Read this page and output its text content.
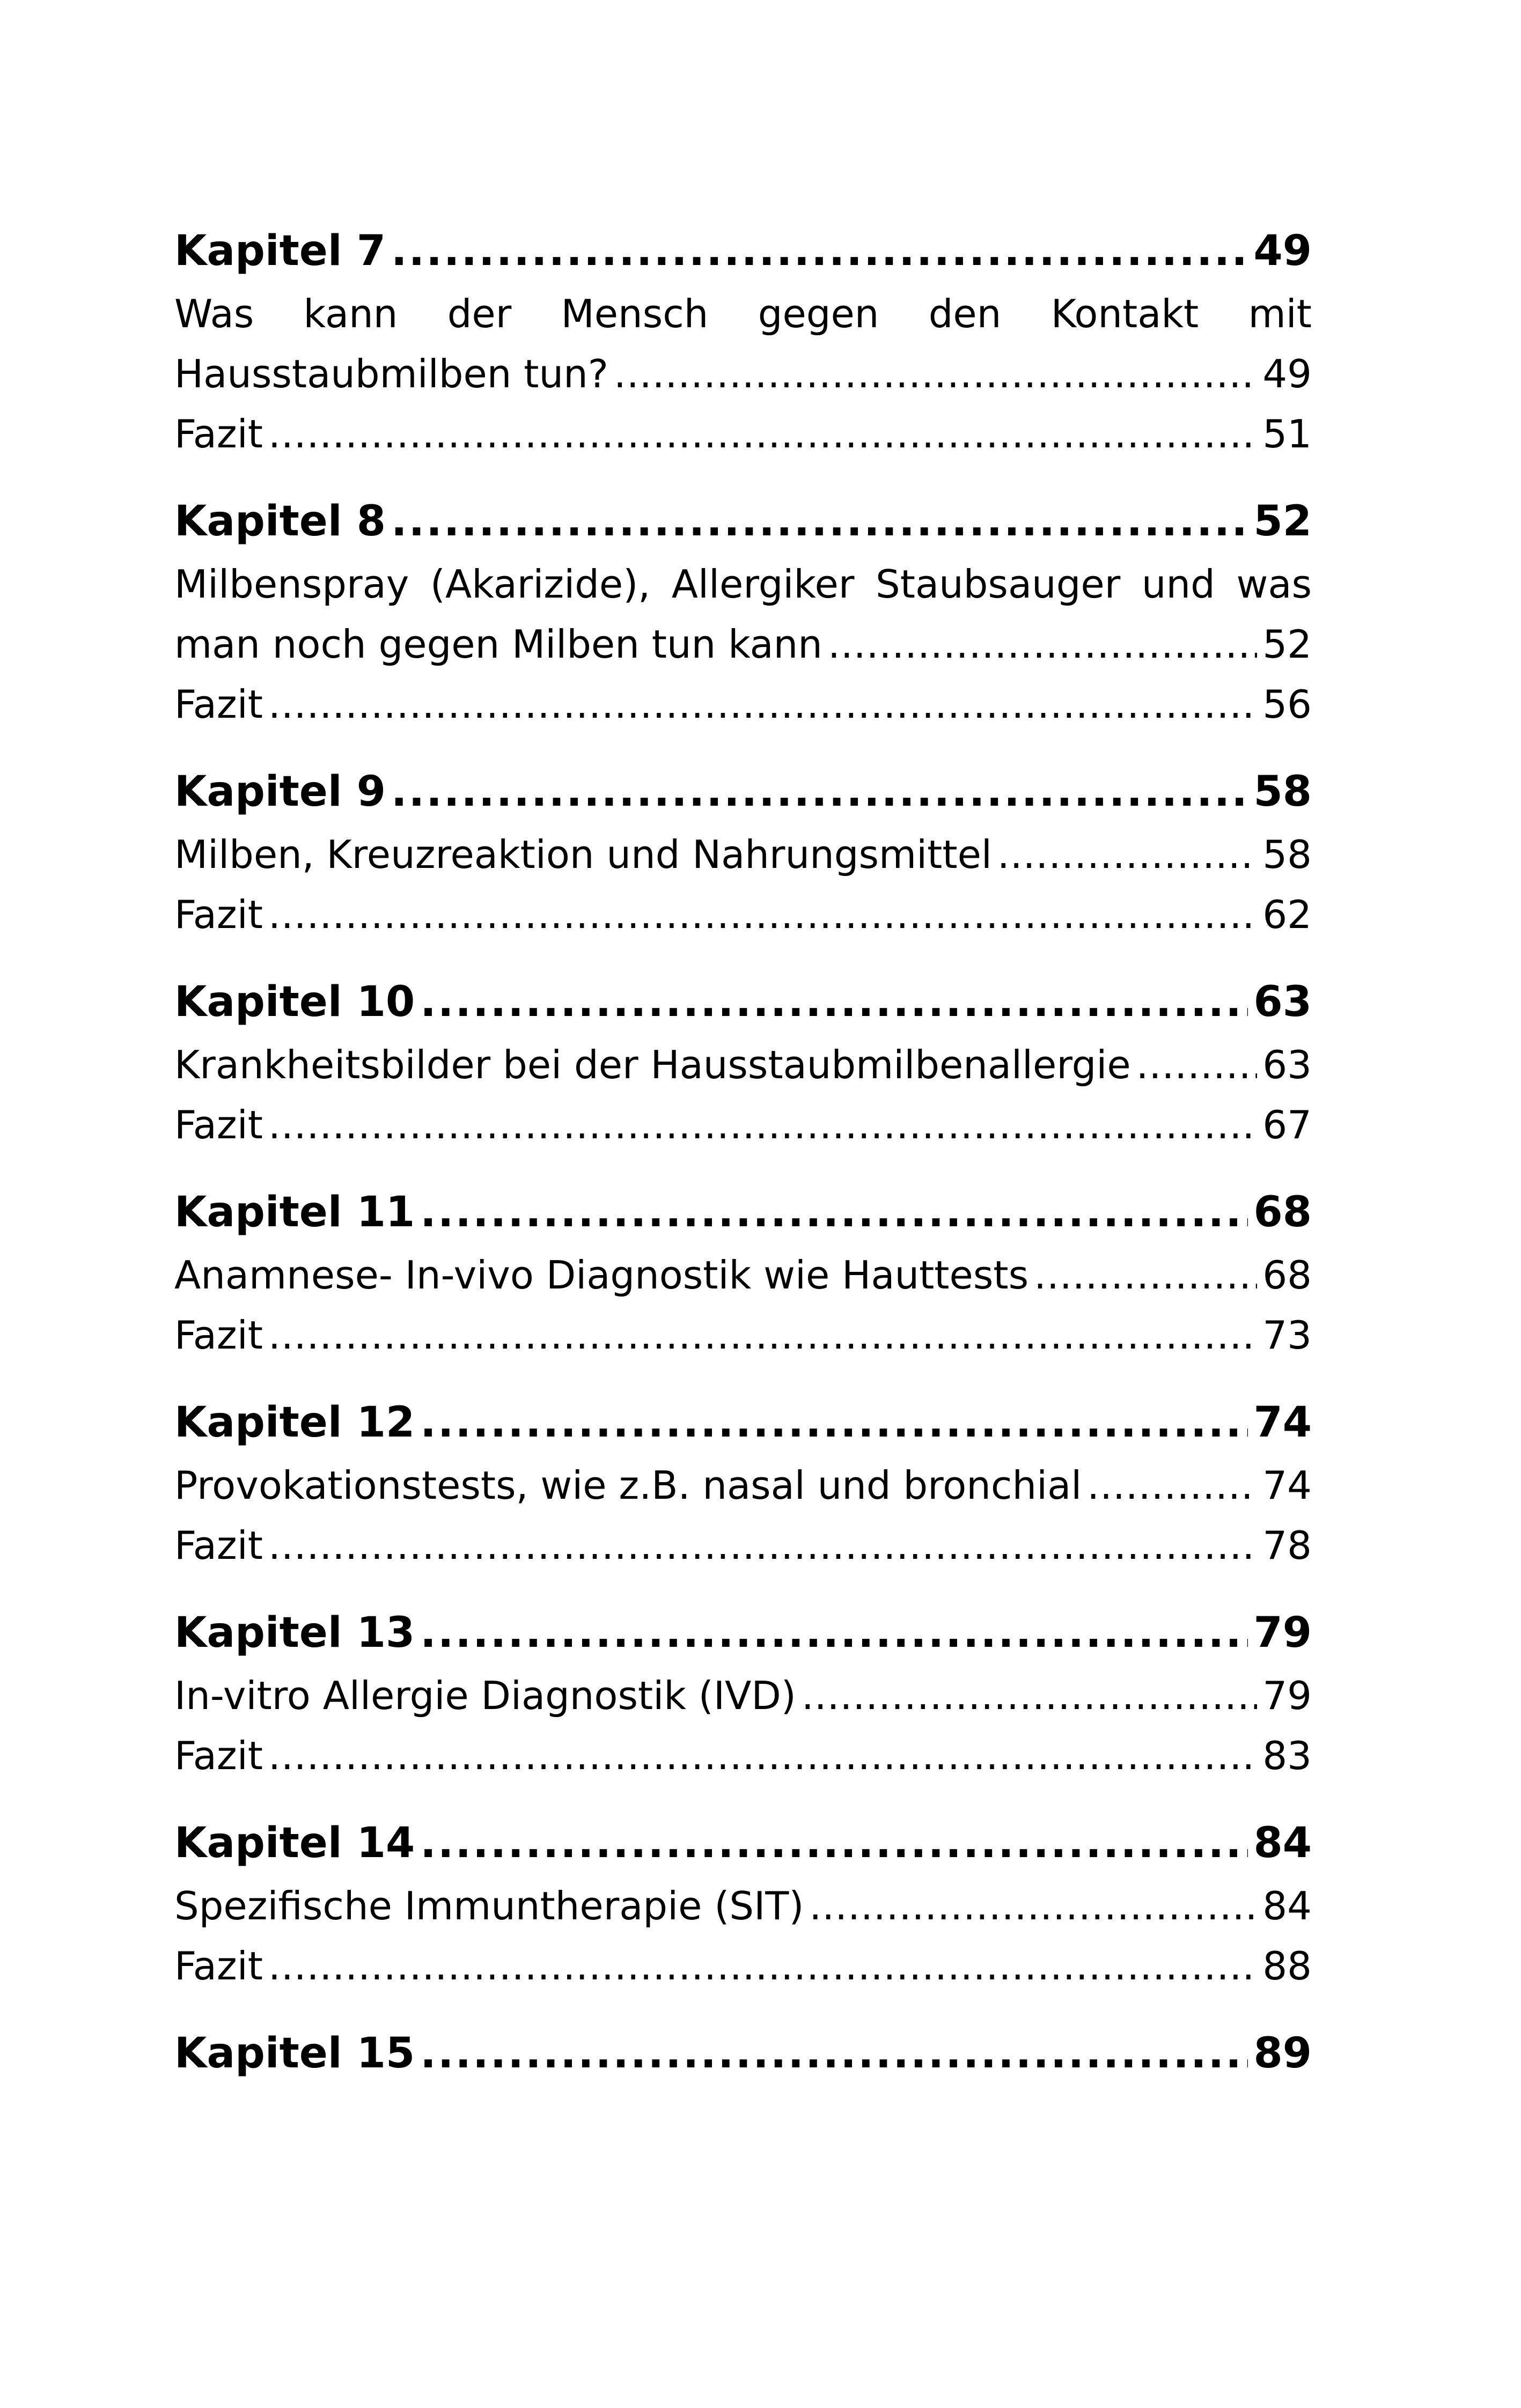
Kapitel 7 .....	49
Was kann der Mensch gegen den Kontakt mit
Hausstaubmilben tun? .....	49
Fazit .....	51
Kapitel 8 .....	52
Milbenspray (Akarizide), Allergiker Staubsauger und was
man noch gegen Milben tun kann .....	52
Fazit .....	56
Kapitel 9 .....	58
Milben, Kreuzreaktion und Nahrungsmittel .....	58
Fazit .....	62
Kapitel 10 .....	63
Krankheitsbilder bei der Hausstaubmilbenallergie .....	63
Fazit .....	67
Kapitel 11 .....	68
Anamnese- In-vivo Diagnostik wie Hauttests .....	68
Fazit .....	73
Kapitel 12 .....	74
Provokationstests, wie z.B. nasal und bronchial .....	74
Fazit .....	78
Kapitel 13 .....	79
In-vitro Allergie Diagnostik (IVD) .....	79
Fazit .....	83
Kapitel 14 .....	84
Spezifische Immuntherapie (SIT) .....	84
Fazit .....	88
Kapitel 15 .....	89
